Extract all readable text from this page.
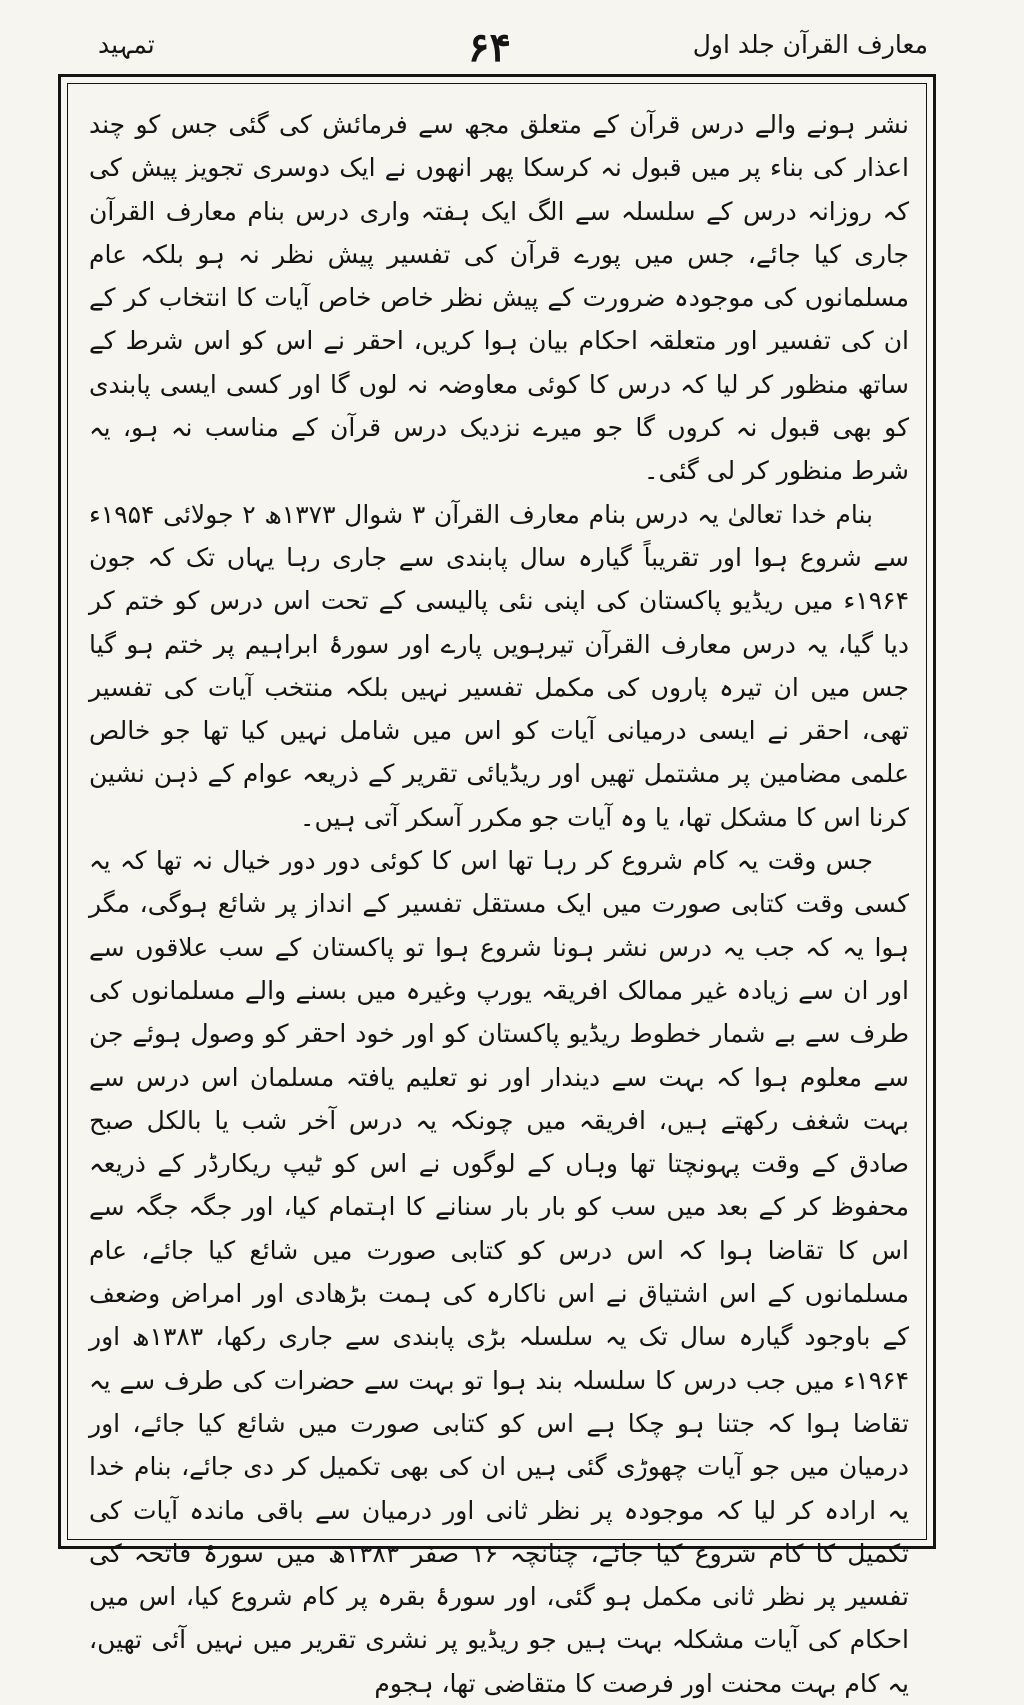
معارف القرآن جلد اول
۶۴
تمہید

نشر ہونے والے درس قرآن کے متعلق مجھ سے فرمائش کی گئی جس کو چند اعذار کی بناء پر میں قبول نہ کرسکا پھر انھوں نے ایک دوسری تجویز پیش کی کہ روزانہ درس کے سلسلہ سے الگ ایک ہفتہ واری درس بنام معارف القرآن جاری کیا جائے، جس میں پورے قرآن کی تفسیر پیش نظر نہ ہو بلکہ عام مسلمانوں کی موجودہ ضرورت کے پیش نظر خاص خاص آیات کا انتخاب کر کے ان کی تفسیر اور متعلقہ احکام بیان ہوا کریں، احقر نے اس کو اس شرط کے ساتھ منظور کر لیا کہ درس کا کوئی معاوضہ نہ لوں گا اور کسی ایسی پابندی کو بھی قبول نہ کروں گا جو میرے نزدیک درس قرآن کے مناسب نہ ہو، یہ شرط منظور کر لی گئی۔

بنام خدا تعالیٰ یہ درس بنام معارف القرآن ۳ شوال ۱۳۷۳ھ ۲ جولائی ۱۹۵۴ء سے شروع ہوا اور تقریباً گیارہ سال پابندی سے جاری رہا یہاں تک کہ جون ۱۹۶۴ء میں ریڈیو پاکستان کی اپنی نئی پالیسی کے تحت اس درس کو ختم کر دیا گیا، یہ درس معارف القرآن تیرہویں پارے اور سورۂ ابراہیم پر ختم ہو گیا جس میں ان تیرہ پاروں کی مکمل تفسیر نہیں بلکہ منتخب آیات کی تفسیر تھی، احقر نے ایسی درمیانی آیات کو اس میں شامل نہیں کیا تھا جو خالص علمی مضامین پر مشتمل تھیں اور ریڈیائی تقریر کے ذریعہ عوام کے ذہن نشین کرنا اس کا مشکل تھا، یا وہ آیات جو مکرر آسکر آتی ہیں۔

جس وقت یہ کام شروع کر رہا تھا اس کا کوئی دور دور خیال نہ تھا کہ یہ کسی وقت کتابی صورت میں ایک مستقل تفسیر کے انداز پر شائع ہوگی، مگر ہوا یہ کہ جب یہ درس نشر ہونا شروع ہوا تو پاکستان کے سب علاقوں سے اور ان سے زیادہ غیر ممالک افریقہ یورپ وغیرہ میں بسنے والے مسلمانوں کی طرف سے بے شمار خطوط ریڈیو پاکستان کو اور خود احقر کو وصول ہوئے جن سے معلوم ہوا کہ بہت سے دیندار اور نو تعلیم یافتہ مسلمان اس درس سے بہت شغف رکھتے ہیں، افریقہ میں چونکہ یہ درس آخر شب یا بالکل صبح صادق کے وقت پہونچتا تھا وہاں کے لوگوں نے اس کو ٹیپ ریکارڈر کے ذریعہ محفوظ کر کے بعد میں سب کو بار بار سنانے کا اہتمام کیا، اور جگہ جگہ سے اس کا تقاضا ہوا کہ اس درس کو کتابی صورت میں شائع کیا جائے، عام مسلمانوں کے اس اشتیاق نے اس ناکارہ کی ہمت بڑھادی اور امراض وضعف کے باوجود گیارہ سال تک یہ سلسلہ بڑی پابندی سے جاری رکھا، ۱۳۸۳ھ اور ۱۹۶۴ء میں جب درس کا سلسلہ بند ہوا تو بہت سے حضرات کی طرف سے یہ تقاضا ہوا کہ جتنا ہو چکا ہے اس کو کتابی صورت میں شائع کیا جائے، اور درمیان میں جو آیات چھوڑی گئی ہیں ان کی بھی تکمیل کر دی جائے، بنام خدا یہ ارادہ کر لیا کہ موجودہ پر نظر ثانی اور درمیان سے باقی ماندہ آیات کی تکمیل کا کام شروع کیا جائے، چنانچہ ۱۶ صفر ۱۳۸۳ھ میں سورۂ فاتحہ کی تفسیر پر نظر ثانی مکمل ہو گئی، اور سورۂ بقرہ پر کام شروع کیا، اس میں احکام کی آیات مشکلہ بہت ہیں جو ریڈیو پر نشری تقریر میں نہیں آئی تھیں، یہ کام بہت محنت اور فرصت کا متقاضی تھا، ہجوم
